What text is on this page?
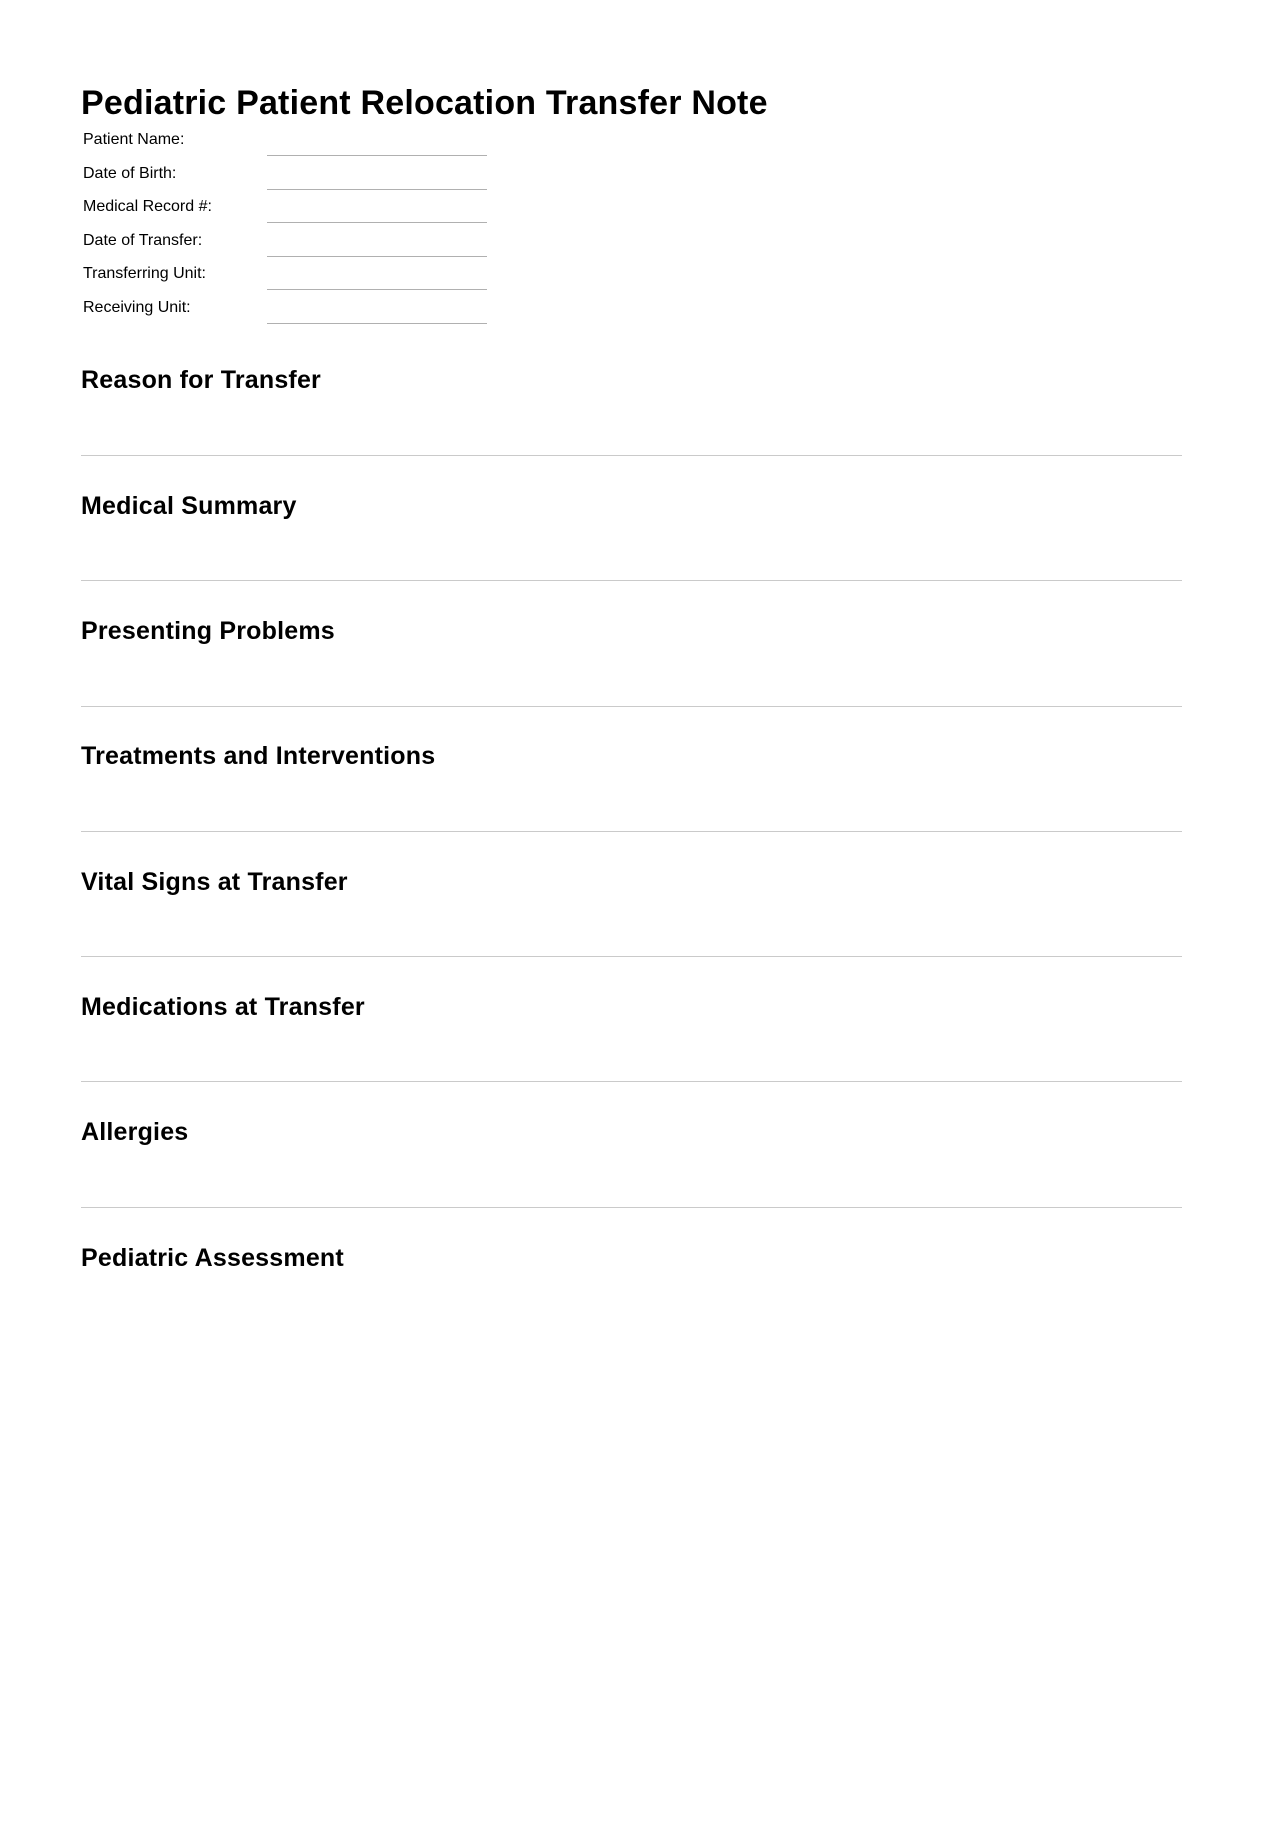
Pediatric Patient Relocation Transfer Note
Patient Name:
Date of Birth:
Medical Record #:
Date of Transfer:
Transferring Unit:
Receiving Unit:
Reason for Transfer
Medical Summary
Presenting Problems
Treatments and Interventions
Vital Signs at Transfer
Medications at Transfer
Allergies
Pediatric Assessment
